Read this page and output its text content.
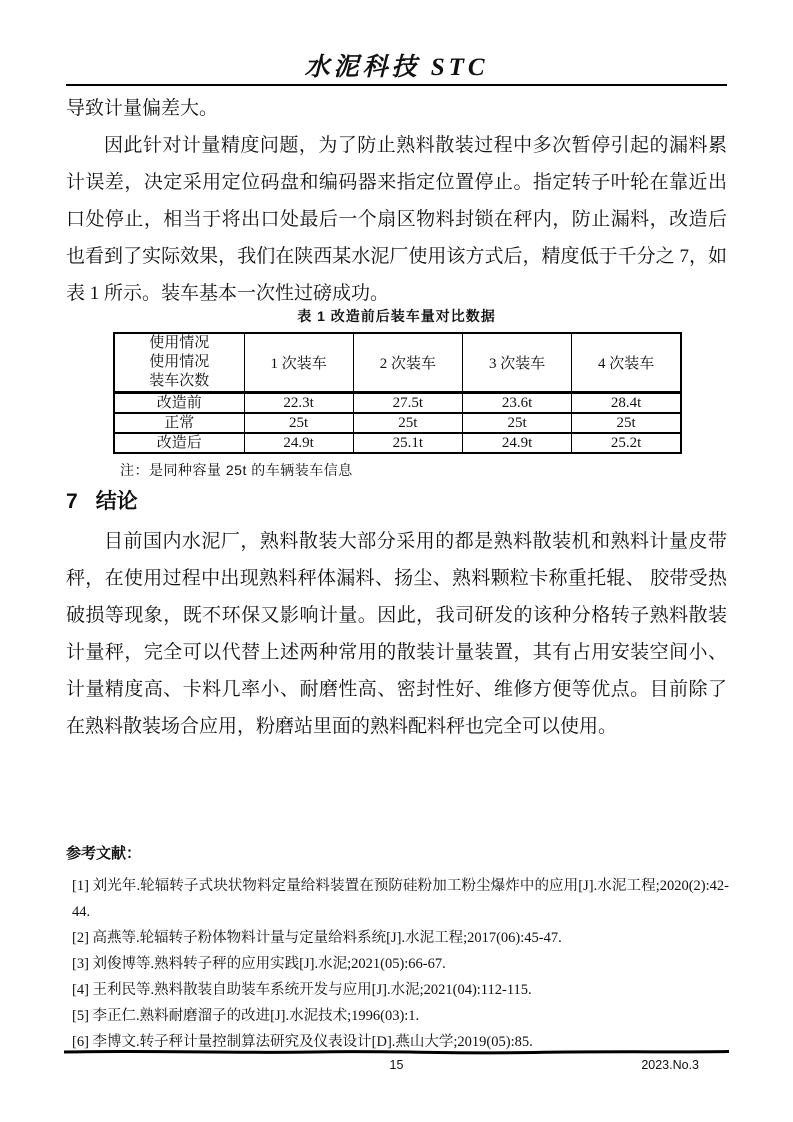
水泥科技 STC

导致计量偏差大。

因此针对计量精度问题，为了防止熟料散装过程中多次暂停引起的漏料累计误差，决定采用定位码盘和编码器来指定位置停止。指定转子叶轮在靠近出口处停止，相当于将出口处最后一个扇区物料封锁在秤内，防止漏料，改造后也看到了实际效果，我们在陕西某水泥厂使用该方式后，精度低于千分之 7，如表 1 所示。装车基本一次性过磅成功。

表 1 改造前后装车量对比数据
使用情况
使用情况
装车次数	1 次装车	2 次装车	3 次装车	4 次装车
改造前	22.3t	27.5t	23.6t	28.4t
正常	25t	25t	25t	25t
改造后	24.9t	25.1t	24.9t	25.2t
注：是同种容量 25t 的车辆装车信息
7 结论

目前国内水泥厂，熟料散装大部分采用的都是熟料散装机和熟料计量皮带秤，在使用过程中出现熟料秤体漏料、扬尘、熟料颗粒卡称重托辊、 胶带受热破损等现象，既不环保又影响计量。因此，我司研发的该种分格转子熟料散装计量秤，完全可以代替上述两种常用的散装计量装置，其有占用安装空间小、计量精度高、卡料几率小、耐磨性高、密封性好、维修方便等优点。目前除了在熟料散装场合应用，粉磨站里面的熟料配料秤也完全可以使用。

参考文献：

[1] 刘光年.轮辐转子式块状物料定量给料装置在预防硅粉加工粉尘爆炸中的应用[J].水泥工程;2020(2):42-44.

[2] 高燕等.轮辐转子粉体物料计量与定量给料系统[J].水泥工程;2017(06):45-47.

[3] 刘俊博等.熟料转子秤的应用实践[J].水泥;2021(05):66-67.

[4] 王利民等.熟料散装自助装车系统开发与应用[J].水泥;2021(04):112-115.

[5] 李正仁.熟料耐磨溜子的改进[J].水泥技术;1996(03):1.

[6] 李博文.转子秤计量控制算法研究及仪表设计[D].燕山大学;2019(05):85.

15	2023.No.3
